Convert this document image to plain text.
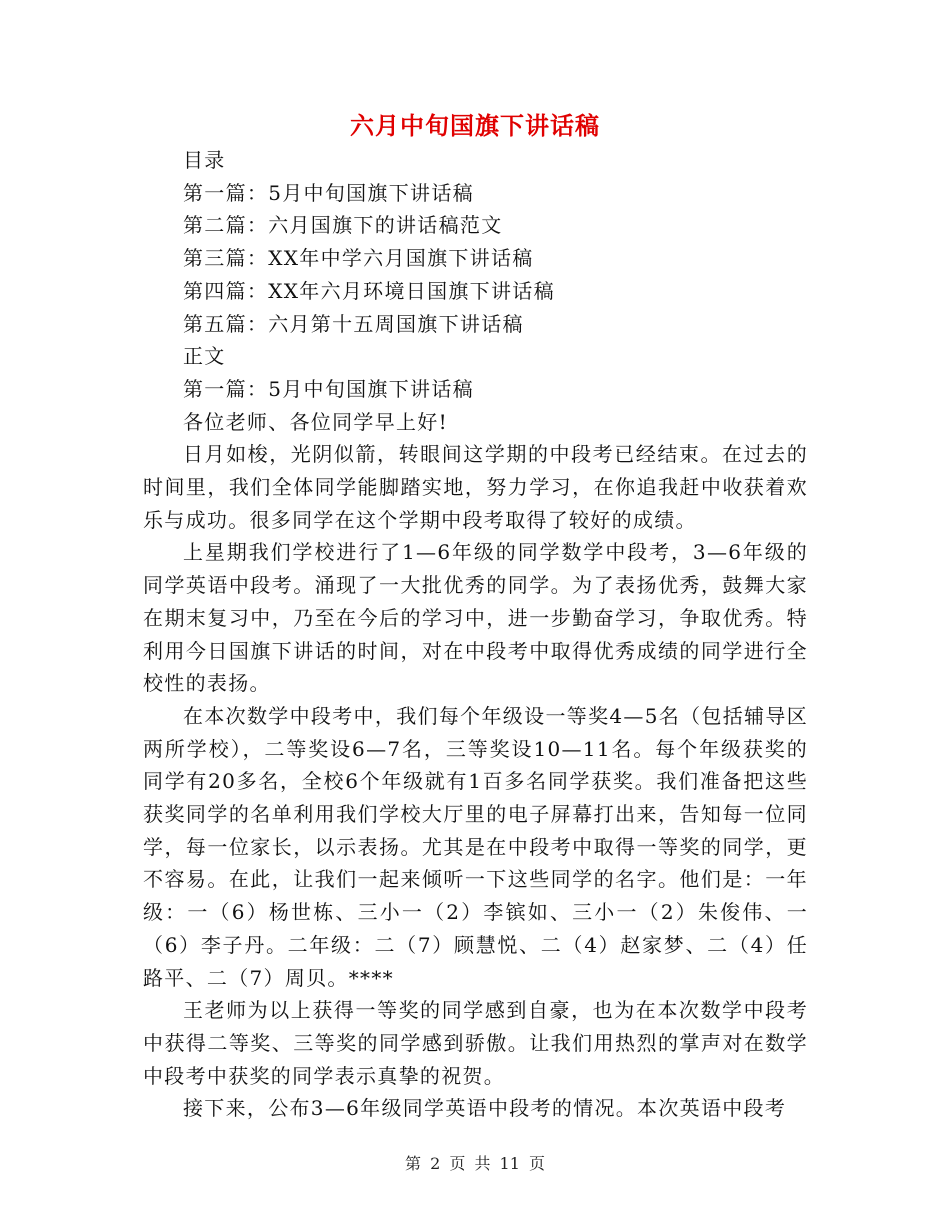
六月中旬国旗下讲话稿

目录

第一篇：5月中旬国旗下讲话稿

第二篇：六月国旗下的讲话稿范文

第三篇：XX年中学六月国旗下讲话稿

第四篇：XX年六月环境日国旗下讲话稿

第五篇：六月第十五周国旗下讲话稿

正文

第一篇：5月中旬国旗下讲话稿

各位老师、各位同学早上好!

日月如梭，光阴似箭，转眼间这学期的中段考已经结束。在过去的时间里，我们全体同学能脚踏实地，努力学习，在你追我赶中收获着欢乐与成功。很多同学在这个学期中段考取得了较好的成绩。

上星期我们学校进行了1—6年级的同学数学中段考，3—6年级的同学英语中段考。涌现了一大批优秀的同学。为了表扬优秀，鼓舞大家在期末复习中，乃至在今后的学习中，进一步勤奋学习，争取优秀。特利用今日国旗下讲话的时间，对在中段考中取得优秀成绩的同学进行全校性的表扬。

在本次数学中段考中，我们每个年级设一等奖4—5名（包括辅导区两所学校），二等奖设6—7名，三等奖设10—11名。每个年级获奖的同学有20多名，全校6个年级就有1百多名同学获奖。我们准备把这些获奖同学的名单利用我们学校大厅里的电子屏幕打出来，告知每一位同学，每一位家长，以示表扬。尤其是在中段考中取得一等奖的同学，更不容易。在此，让我们一起来倾听一下这些同学的名字。他们是：一年级：一（6）杨世栋、三小一（2）李镔如、三小一（2）朱俊伟、一（6）李子丹。二年级：二（7）顾慧悦、二（4）赵家梦、二（4）任路平、二（7）周贝。****

王老师为以上获得一等奖的同学感到自豪，也为在本次数学中段考中获得二等奖、三等奖的同学感到骄傲。让我们用热烈的掌声对在数学中段考中获奖的同学表示真挚的祝贺。

接下来，公布3—6年级同学英语中段考的情况。本次英语中段考

第 2 页 共 11 页
